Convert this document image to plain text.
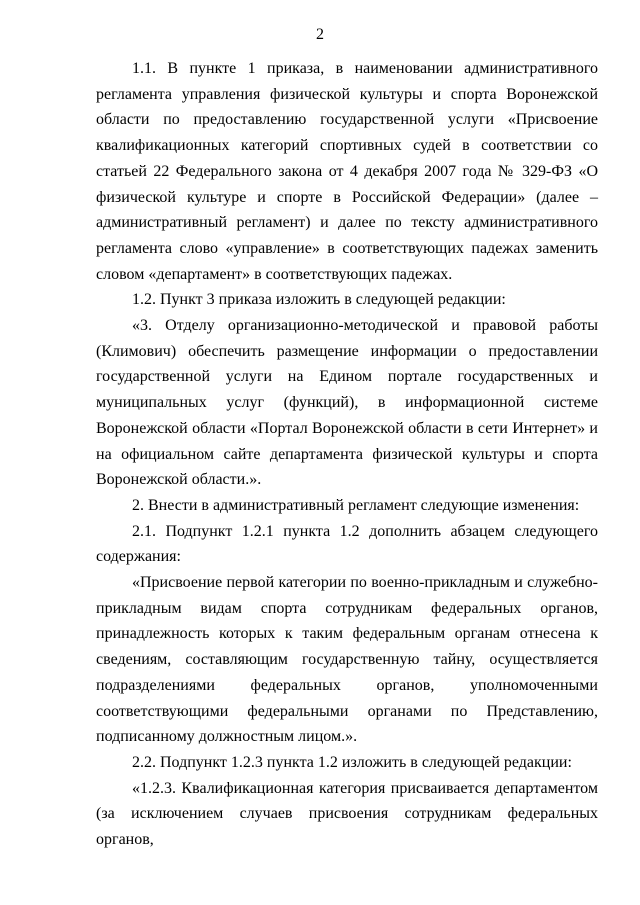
2

1.1. В пункте 1 приказа, в наименовании административного регламента управления физической культуры и спорта Воронежской области по предоставлению государственной услуги «Присвоение квалификационных категорий спортивных судей в соответствии со статьей 22 Федерального закона от 4 декабря 2007 года № 329-ФЗ «О физической культуре и спорте в Российской Федерации» (далее – административный регламент) и далее по тексту административного регламента слово «управление» в соответствующих падежах заменить словом «департамент» в соответствующих падежах.

1.2. Пункт 3 приказа изложить в следующей редакции:

«3. Отделу организационно-методической и правовой работы (Климович) обеспечить размещение информации о предоставлении государственной услуги на Едином портале государственных и муниципальных услуг (функций), в информационной системе Воронежской области «Портал Воронежской области в сети Интернет» и на официальном сайте департамента физической культуры и спорта Воронежской области.».

2. Внести в административный регламент следующие изменения:

2.1. Подпункт 1.2.1 пункта 1.2 дополнить абзацем следующего содержания:

«Присвоение первой категории по военно-прикладным и служебно-прикладным видам спорта сотрудникам федеральных органов, принадлежность которых к таким федеральным органам отнесена к сведениям, составляющим государственную тайну, осуществляется подразделениями федеральных органов, уполномоченными соответствующими федеральными органами по Представлению, подписанному должностным лицом.».

2.2. Подпункт 1.2.3 пункта 1.2 изложить в следующей редакции:

«1.2.3. Квалификационная категория присваивается департаментом (за исключением случаев присвоения сотрудникам федеральных органов,
